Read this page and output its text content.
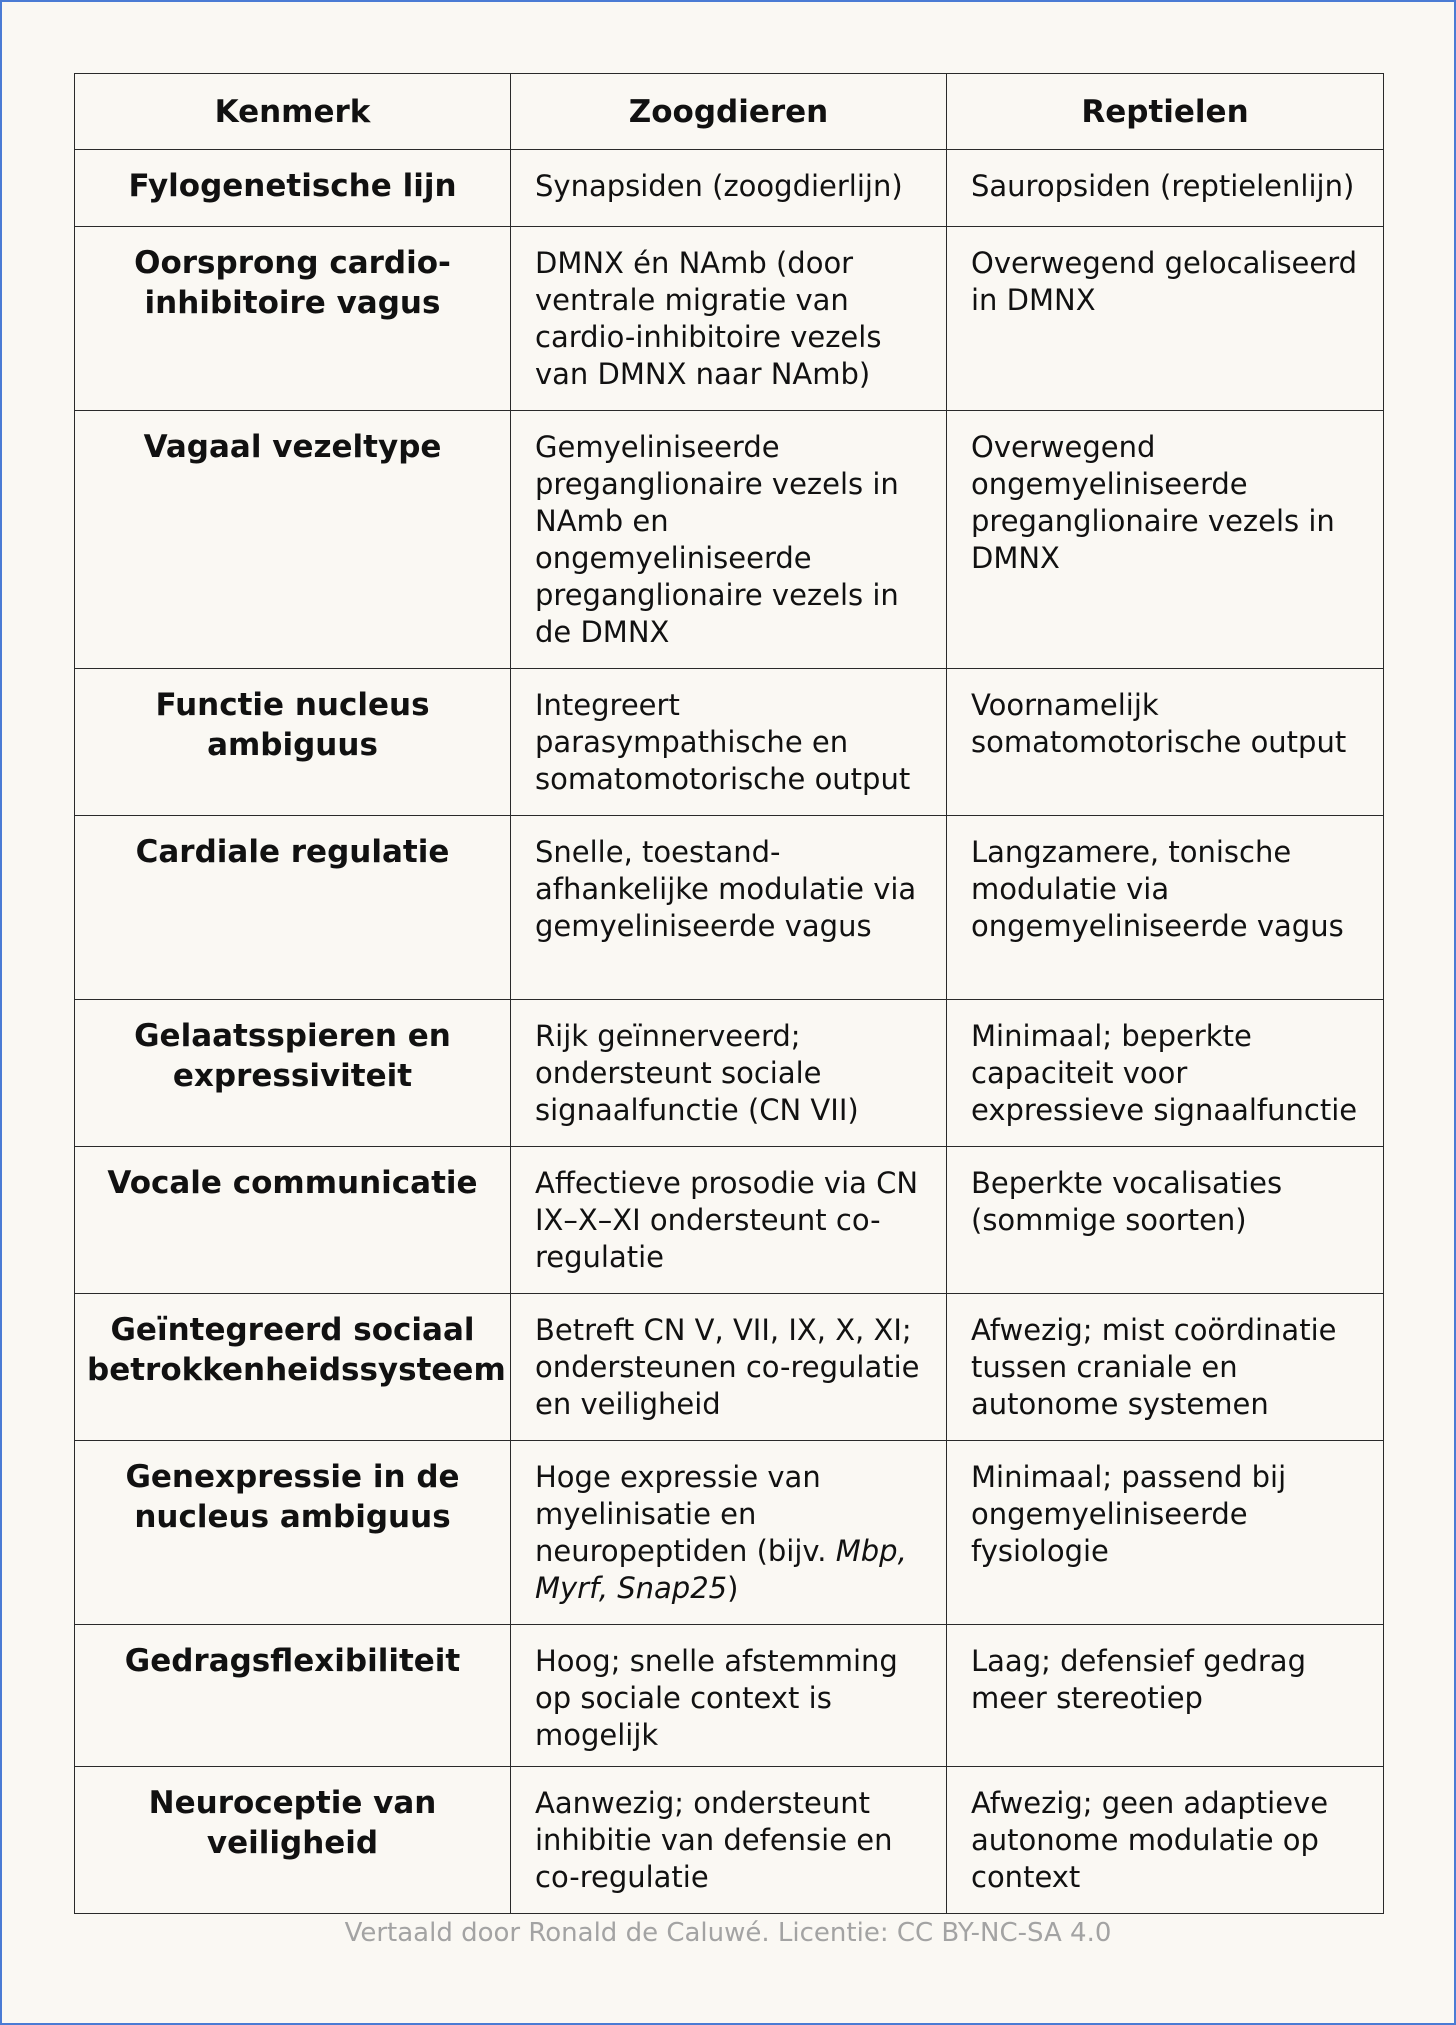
Kenmerk	Zoogdieren	Reptielen
Fylogenetische lijn	Synapsiden (zoogdierlijn)	Sauropsiden (reptielenlijn)
Oorsprong cardio-inhibitoire vagus	DMNX én NAmb (door ventrale migratie van cardio-inhibitoire vezels van DMNX naar NAmb)	Overwegend gelocaliseerd in DMNX
Vagaal vezeltype	Gemyeliniseerde preganglionaire vezels in NAmb en ongemyeliniseerde preganglionaire vezels in de DMNX	Overwegend ongemyeliniseerde preganglionaire vezels in DMNX
Functie nucleus ambiguus	Integreert parasympathische en somatomotorische output	Voornamelijk somatomotorische output
Cardiale regulatie	Snelle, toestand-afhankelijke modulatie via gemyeliniseerde vagus	Langzamere, tonische modulatie via ongemyeliniseerde vagus
Gelaatsspieren en expressiviteit	Rijk geïnnerveerd; ondersteunt sociale signaalfunctie (CN VII)	Minimaal; beperkte capaciteit voor expressieve signaalfunctie
Vocale communicatie	Affectieve prosodie via CN IX–X–XI ondersteunt co-regulatie	Beperkte vocalisaties (sommige soorten)
Geïntegreerd sociaal betrokkenheidssysteem	Betreft CN V, VII, IX, X, XI; ondersteunen co-regulatie en veiligheid	Afwezig; mist coördinatie tussen craniale en autonome systemen
Genexpressie in de nucleus ambiguus	Hoge expressie van myelinisatie en neuropeptiden (bijv. Mbp, Myrf, Snap25)	Minimaal; passend bij ongemyeliniseerde fysiologie
Gedragsflexibiliteit	Hoog; snelle afstemming op sociale context is mogelijk	Laag; defensief gedrag meer stereotiep
Neuroceptie van veiligheid	Aanwezig; ondersteunt inhibitie van defensie en co-regulatie	Afwezig; geen adaptieve autonome modulatie op context
Vertaald door Ronald de Caluwé. Licentie: CC BY-NC-SA 4.0
